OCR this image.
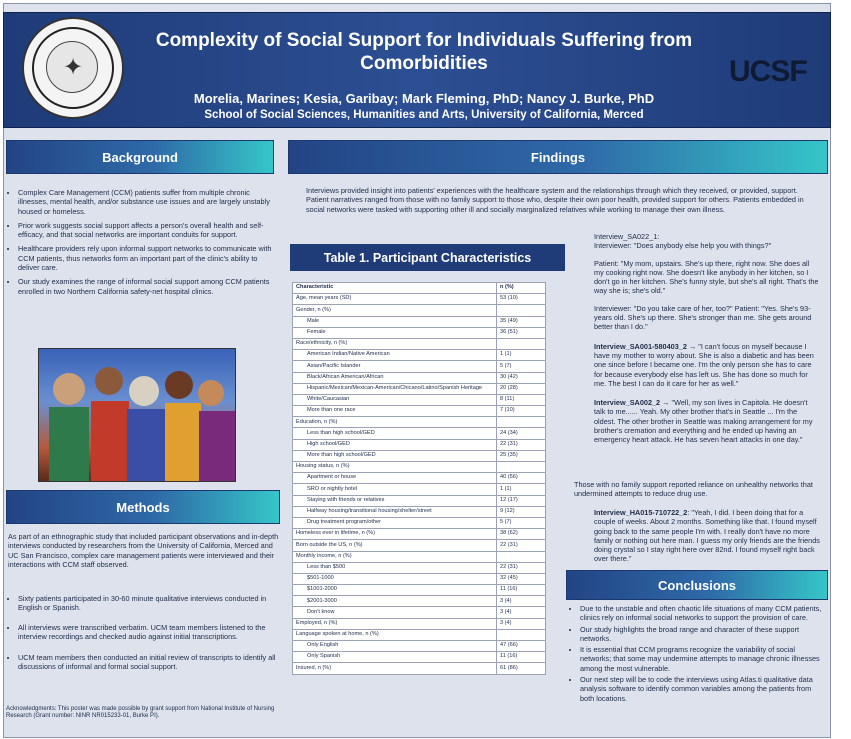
✦
Complexity of Social Support for Individuals Suffering from Comorbidities
Morelia, Marines; Kesia, Garibay; Mark Fleming, PhD; Nancy J. Burke, PhD
School of Social Sciences, Humanities and Arts, University of California, Merced
UCSF
Background
• Complex Care Management (CCM) patients suffer from multiple chronic illnesses, mental health, and/or substance use issues and are largely unstably housed or homeless.
• Prior work suggests social support affects a person's overall health and self-efficacy, and that social networks are important conduits for support.
• Healthcare providers rely upon informal support networks to communicate with CCM patients, thus networks form an important part of the clinic's ability to deliver care.
• Our study examines the range of informal social support among CCM patients enrolled in two Northern California safety-net hospital clinics.
Methods
As part of an ethnographic study that included participant observations and in-depth interviews conducted by researchers from the University of California, Merced and UC San Francisco, complex care management patients were interviewed and their interactions with CCM staff observed.
• Sixty patients participated in 30-60 minute qualitative interviews conducted in English or Spanish.
• All interviews were transcribed verbatim. UCM team members listened to the interview recordings and checked audio against initial transcriptions.
• UCM team members then conducted an initial review of transcripts to identify all discussions of informal and formal social support.
Acknowledgments: This poster was made possible by grant support from National Institute of Nursing Research (Grant number: NINR NR015233-01, Burke PI).
Findings
Interviews provided insight into patients' experiences with the healthcare system and the relationships through which they received, or provided, support. Patient narratives ranged from those with no family support to those who, despite their own poor health, provided support for others. Patients embedded in social networks were tasked with supporting other ill and socially marginalized relatives while working to manage their own illness.
Table 1. Participant Characteristics
Characteristic	n (%)
Age, mean years (SD)	53 (10)
Gender, n (%)	
Male	35 (49)
Female	36 (51)
Race/ethnicity, n (%)	
American Indian/Native American	1 (1)
Asian/Pacific Islander	5 (7)
Black/African American/African	30 (42)
Hispanic/Mexican/Mexican-American/Chicano/Latino/Spanish Heritage	20 (28)
White/Caucasian	8 (11)
More than one race	7 (10)
Education, n (%)	
Less than high school/GED	24 (34)
High school/GED	22 (31)
More than high school/GED	25 (35)
Housing status, n (%)	
Apartment or house	40 (56)
SRO or nightly hotel	1 (1)
Staying with friends or relatives	12 (17)
Halfway housing/transitional housing/shelter/street	9 (12)
Drug treatment program/other	5 (7)
Homeless ever in lifetime, n (%)	38 (62)
Born outside the US, n (%)	22 (31)
Monthly income, n (%)	
Less than $500	22 (31)
$501-1000	32 (45)
$1001-2000	11 (16)
$2001-3000	3 (4)
Don't know	3 (4)
Employed, n (%)	3 (4)
Language spoken at home, n (%)	
Only English	47 (66)
Only Spanish	11 (16)
Insured, n (%)	61 (86)
Interview_SA022_1:
Interviewer: "Does anybody else help you with things?"
Patient: "My mom, upstairs. She's up there, right now. She does all my cooking right now. She doesn't like anybody in her kitchen, so I don't go in her kitchen. She's funny style, but she's all right. That's the way she is; she's old."
Interviewer: "Do you take care of her, too?" Patient: "Yes. She's 93-years old. She's up there. She's stronger than me. She gets around better than I do."
Interview_SA001-580403_2 → "I can't focus on myself because I have my mother to worry about. She is also a diabetic and has been one since before I became one. I'm the only person she has to care for because everybody else has left us. She has done so much for me. The best I can do it care for her as well."
Interview_SA002_2 → "Well, my son lives in Capitola. He doesn't talk to me...... Yeah. My other brother that's in Seattle ... I'm the oldest. The other brother in Seattle was making arrangement for my brother's cremation and everything and he ended up having an emergency heart attack. He has seven heart attacks in one day."
Those with no family support reported reliance on unhealthy networks that undermined attempts to reduce drug use.
Interview_HA015-710722_2: "Yeah, I did. I been doing that for a couple of weeks. About 2 months. Something like that. I found myself going back to the same people I'm with. I really don't have no more family or nothing out here man. I guess my only friends are the friends doing crystal so I stay right here over 82nd. I found myself right back over there."
Conclusions
• Due to the unstable and often chaotic life situations of many CCM patients, clinics rely on informal social networks to support the provision of care.
• Our study highlights the broad range and character of these support networks.
• It is essential that CCM programs recognize the variability of social networks; that some may undermine attempts to manage chronic illnesses among the most vulnerable.
• Our next step will be to code the interviews using Atlas.ti qualitative data analysis software to identify common variables among the patients from both locations.
